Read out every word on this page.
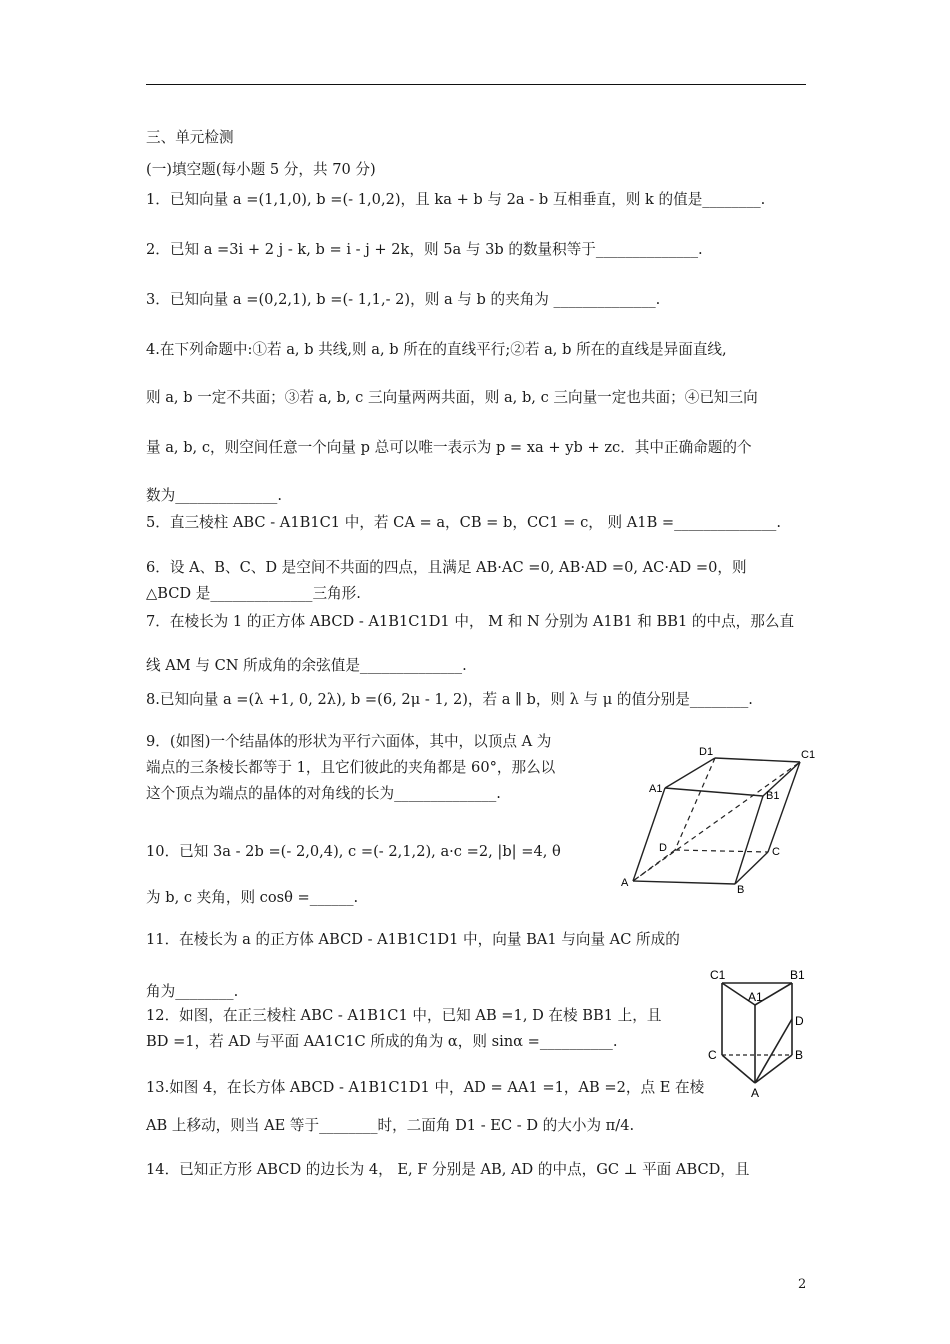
三、单元检测
(一)填空题(每小题 5 分，共 70 分)
1．已知向量 a =(1,1,0), b =(- 1,0,2)，且 ka + b 与 2a - b 互相垂直，则 k 的值是________.
2．已知 a =3i + 2 j - k, b = i - j + 2k，则 5a 与 3b 的数量积等于______________.
3．已知向量 a =(0,2,1), b =(- 1,1,- 2)，则 a 与 b 的夹角为 ______________.
4.在下列命题中:①若 a, b 共线,则 a, b 所在的直线平行;②若 a, b 所在的直线是异面直线,
则 a, b 一定不共面；③若 a, b, c 三向量两两共面，则 a, b, c 三向量一定也共面；④已知三向
量 a, b, c，则空间任意一个向量 p 总可以唯一表示为 p = xa + yb + zc．其中正确命题的个
数为______________.
5．直三棱柱 ABC - A1B1C1 中，若 CA = a，CB = b，CC1 = c， 则 A1B =______________.
6．设 A、B、C、D 是空间不共面的四点，且满足 AB·AC =0, AB·AD =0, AC·AD =0，则
△BCD 是______________三角形.
7．在棱长为 1 的正方体 ABCD - A1B1C1D1 中， M 和 N 分别为 A1B1 和 BB1 的中点，那么直
线 AM 与 CN 所成角的余弦值是______________.
8.已知向量 a =(λ +1, 0, 2λ), b =(6, 2μ - 1, 2)，若 a ∥ b，则 λ 与 μ 的值分别是________.
9．(如图)一个结晶体的形状为平行六面体，其中，以顶点 A 为
端点的三条棱长都等于 1，且它们彼此的夹角都是 60°，那么以
这个顶点为端点的晶体的对角线的长为______________.
10．已知 3a - 2b =(- 2,0,4), c =(- 2,1,2), a·c =2, |b| =4, θ
为 b, c 夹角，则 cosθ =______.
11．在棱长为 a 的正方体 ABCD - A1B1C1D1 中，向量 BA1 与向量 AC 所成的
角为________.
12．如图，在正三棱柱 ABC - A1B1C1 中，已知 AB =1, D 在棱 BB1 上，且
BD =1，若 AD 与平面 AA1C1C 所成的角为 α，则 sinα =__________.
13.如图 4，在长方体 ABCD - A1B1C1D1 中，AD = AA1 =1，AB =2，点 E 在棱
AB 上移动，则当 AE 等于________时，二面角 D1 - EC - D 的大小为 π/4.
14．已知正方形 ABCD 的边长为 4， E, F 分别是 AB, AD 的中点，GC ⊥ 平面 ABCD，且
D1	C1
A1
B1
D	C
A
B
C1	B1
A1
D
C	B
A
2
